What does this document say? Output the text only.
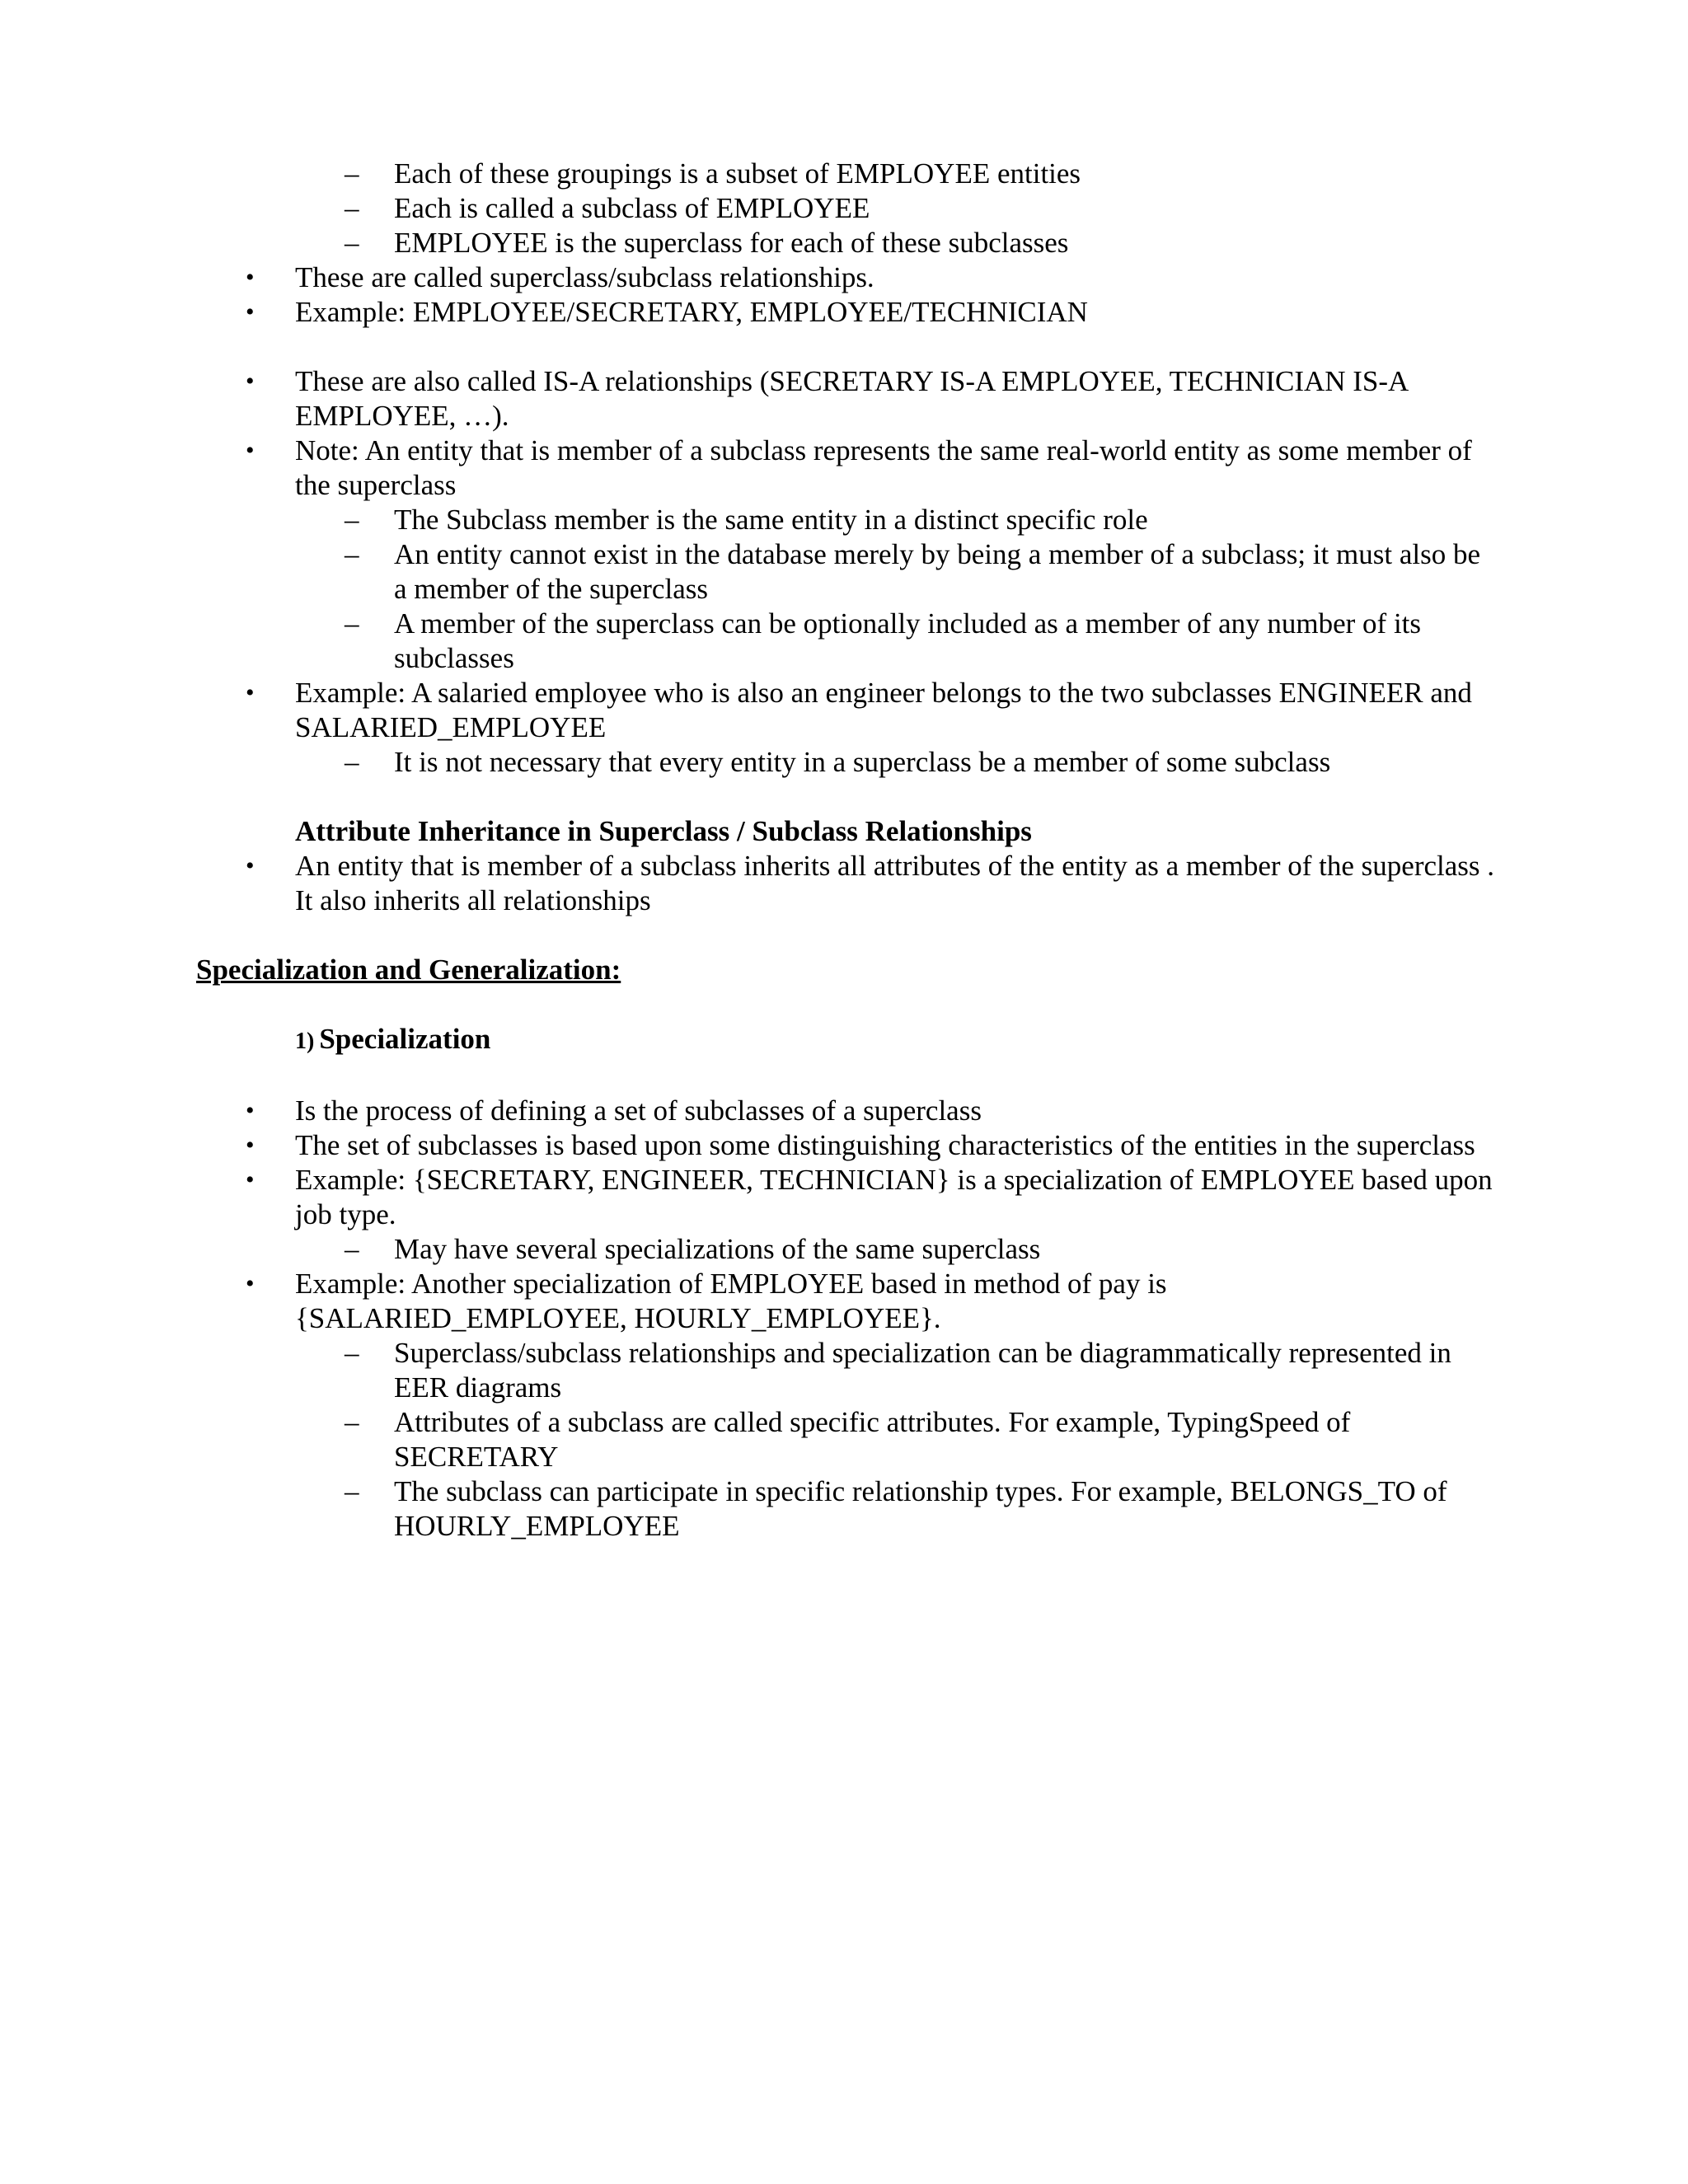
– Each of these groupings is a subset of EMPLOYEE entities
– Each is called a subclass of EMPLOYEE
– EMPLOYEE is the superclass for each of these subclasses
• These are called superclass/subclass relationships.
• Example: EMPLOYEE/SECRETARY, EMPLOYEE/TECHNICIAN
• These are also called IS-A relationships (SECRETARY IS-A EMPLOYEE, TECHNICIAN IS-A EMPLOYEE, …).
• Note: An entity that is member of a subclass represents the same real-world entity as some member of the superclass
– The Subclass member is the same entity in a distinct specific role
– An entity cannot exist in the database merely by being a member of a subclass; it must also be a member of the superclass
– A member of the superclass can be optionally included as a member of any number of its subclasses
• Example: A salaried employee who is also an engineer belongs to the two subclasses ENGINEER and SALARIED_EMPLOYEE
– It is not necessary that every entity in a superclass be a member of some subclass
Attribute Inheritance in Superclass / Subclass Relationships
• An entity that is member of a subclass inherits all attributes of the entity as a member of the superclass .
It also inherits all relationships
Specialization and Generalization:
1) Specialization
• Is the process of defining a set of subclasses of a superclass
• The set of subclasses is based upon some distinguishing characteristics of the entities in the superclass
• Example: {SECRETARY, ENGINEER, TECHNICIAN} is a specialization of EMPLOYEE based upon job type.
– May have several specializations of the same superclass
• Example: Another specialization of EMPLOYEE based in method of pay is {SALARIED_EMPLOYEE, HOURLY_EMPLOYEE}.
– Superclass/subclass relationships and specialization can be diagrammatically represented in EER diagrams
– Attributes of a subclass are called specific attributes. For example, TypingSpeed of SECRETARY
– The subclass can participate in specific relationship types. For example, BELONGS_TO of HOURLY_EMPLOYEE
